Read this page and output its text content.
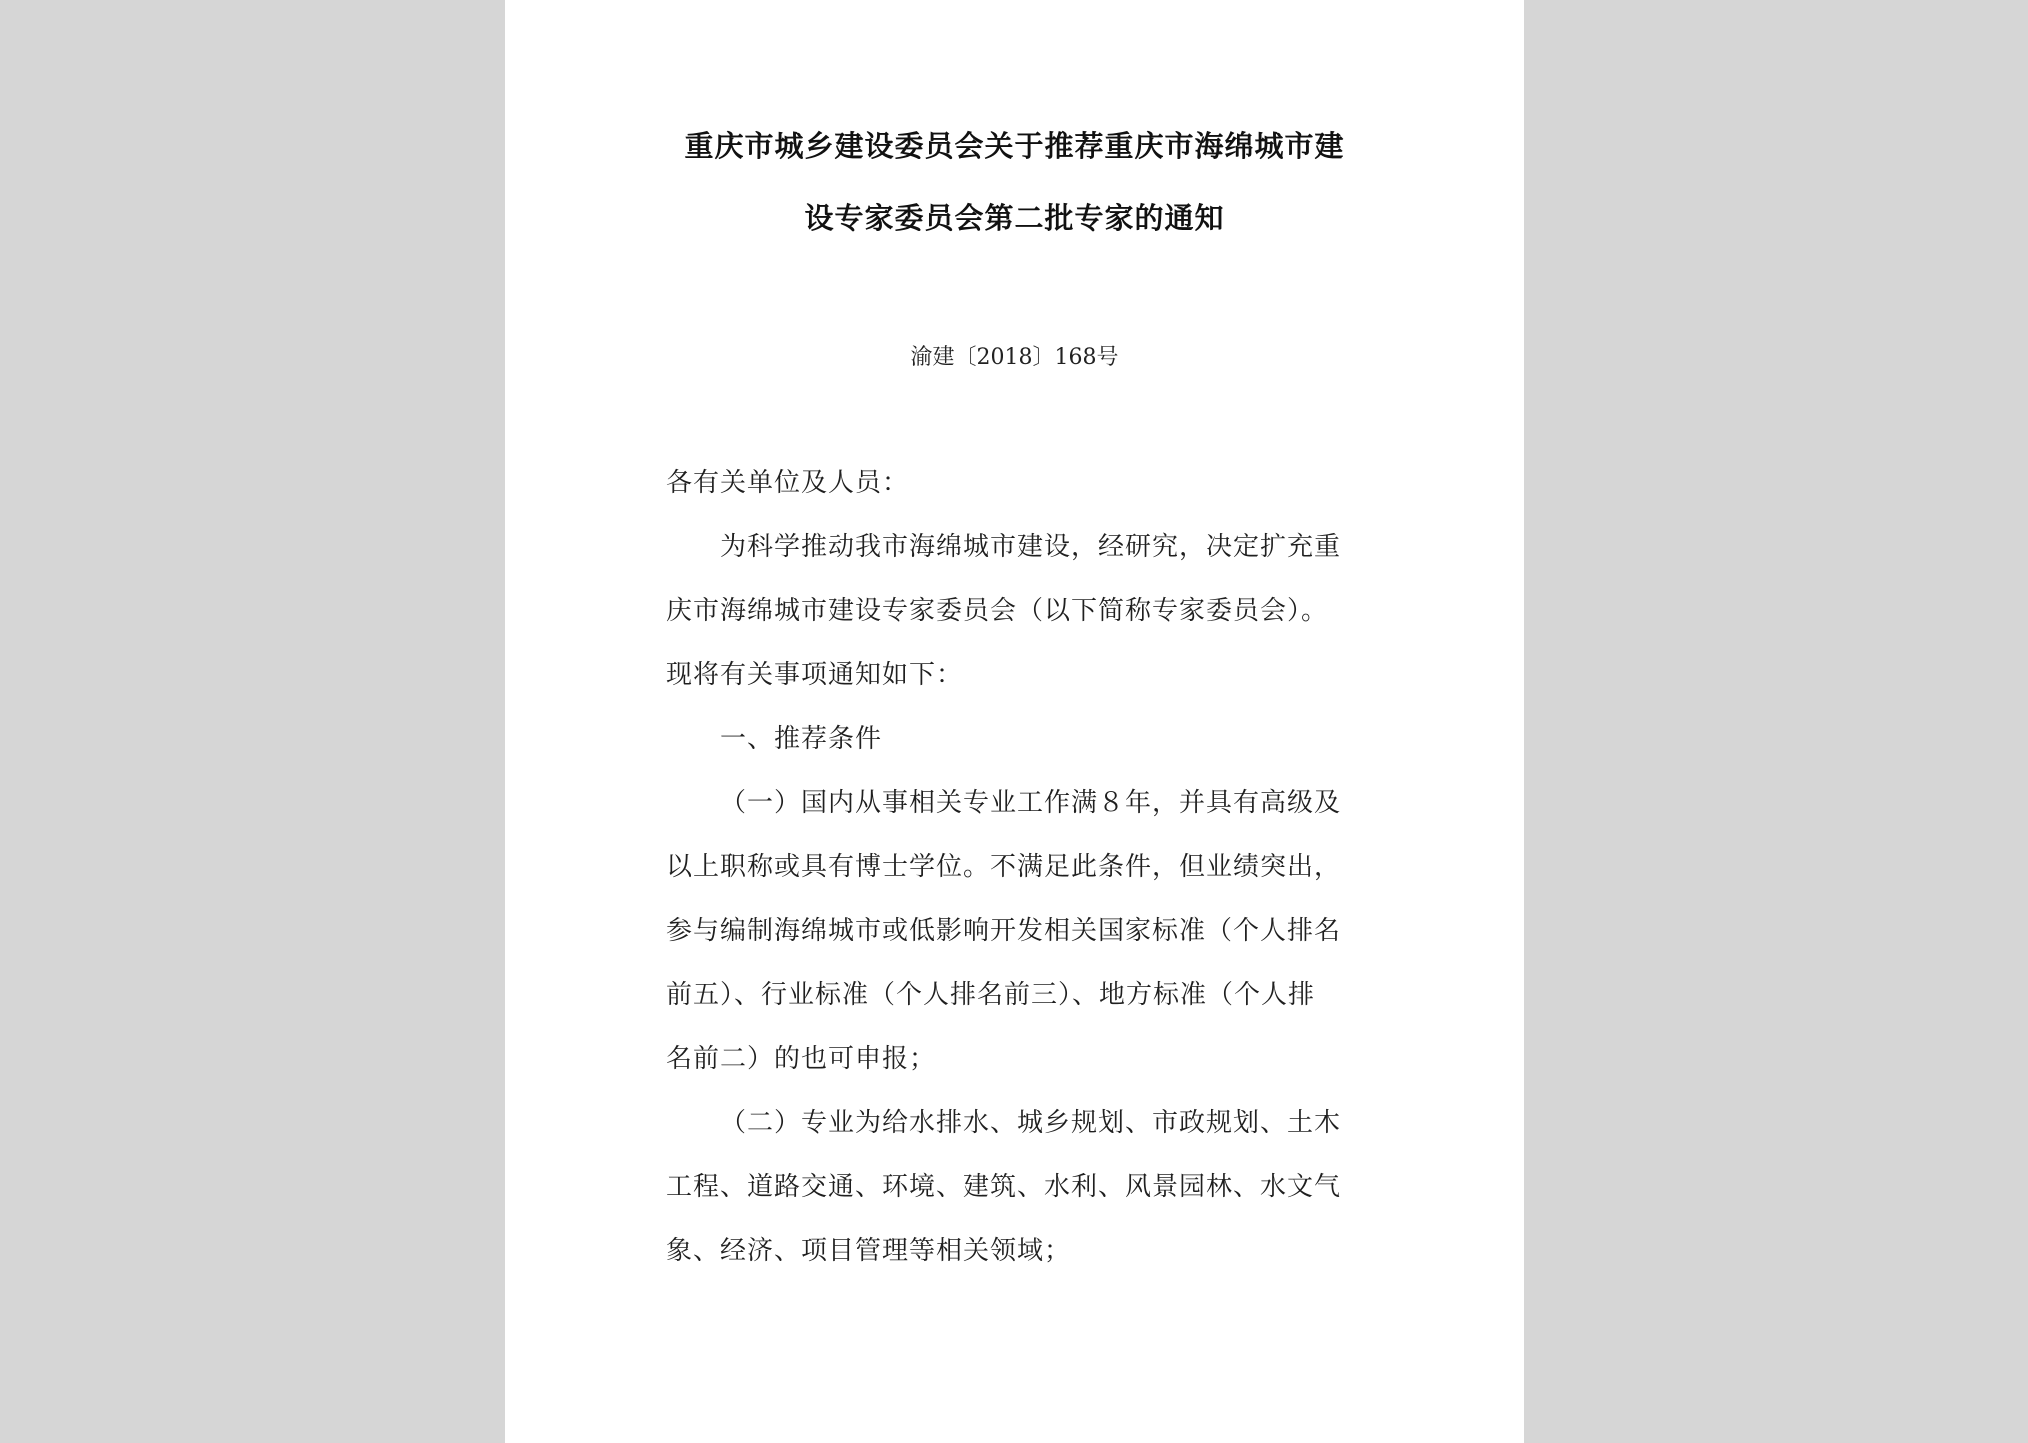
重庆市城乡建设委员会关于推荐重庆市海绵城市建
设专家委员会第二批专家的通知
渝建〔2018〕168号
各有关单位及人员：
为科学推动我市海绵城市建设，经研究，决定扩充重
庆市海绵城市建设专家委员会（以下简称专家委员会）。
现将有关事项通知如下：
一、推荐条件
（一）国内从事相关专业工作满８年，并具有高级及
以上职称或具有博士学位。不满足此条件，但业绩突出，
参与编制海绵城市或低影响开发相关国家标准（个人排名
前五）、行业标准（个人排名前三）、地方标准（个人排
名前二）的也可申报；
（二）专业为给水排水、城乡规划、市政规划、土木
工程、道路交通、环境、建筑、水利、风景园林、水文气
象、经济、项目管理等相关领域；
